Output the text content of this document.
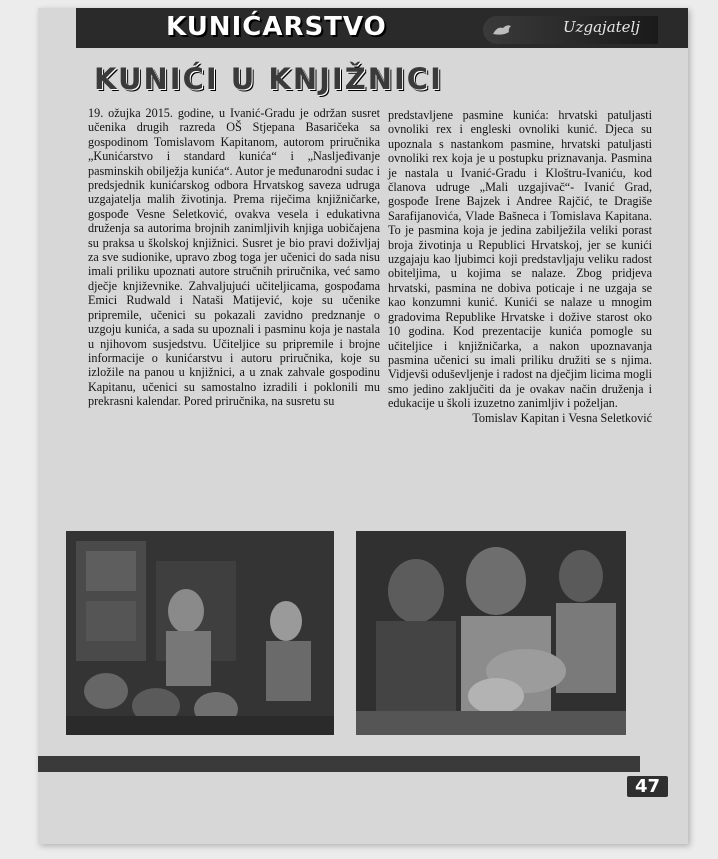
KUNIĆARSTVO	Uzgajatelj
KUNIĆI U KNJIŽNICI

19. ožujka 2015. godine, u Ivanić-Gradu je održan susret učenika drugih razreda OŠ Stjepana Basaričeka sa gospodinom Tomislavom Kapitanom, autorom priručnika „Kunićarstvo i standard kunića“ i „Nasljeđivanje pasminskih obilježja kunića“. Autor je međunarodni sudac i predsjednik kunićarskog odbora Hrvatskog saveza udruga uzgajatelja malih životinja. Prema riječima knjižničarke, gospođe Vesne Seletković, ovakva vesela i edukativna druženja sa autorima brojnih zanimljivih knjiga uobičajena su praksa u školskoj knjižnici. Susret je bio pravi doživljaj za sve sudionike, upravo zbog toga jer učenici do sada nisu imali priliku upoznati autore stručnih priručnika, već samo dječje književnike. Zahvaljujući učiteljicama, gospođama Emici Rudwald i Nataši Matijević, koje su učenike pripremile, učenici su pokazali zavidno predznanje o uzgoju kunića, a sada su upoznali i pasminu koja je nastala u njihovom susjedstvu. Učiteljice su pripremile i brojne informacije o kunićarstvu i autoru priručnika, koje su izložile na panou u knjižnici, a u znak zahvale gospodinu Kapitanu, učenici su samostalno izradili i poklonili mu prekrasni kalendar. Pored priručnika, na susretu su

predstavljene pasmine kunića: hrvatski patuljasti ovnoliki rex i engleski ovnoliki kunić. Djeca su upoznala s nastankom pasmine, hrvatski patuljasti ovnoliki rex koja je u postupku priznavanja. Pasmina je nastala u Ivanić-Gradu i Kloštru-Ivaniću, kod članova udruge „Mali uzgajivač“- Ivanić Grad, gospođe Irene Bajzek i Andree Rajčić, te Dragiše Sarafijanovića, Vlade Bašneca i Tomislava Kapitana. To je pasmina koja je jedina zabilježila veliki porast broja životinja u Republici Hrvatskoj, jer se kunići uzgajaju kao ljubimci koji predstavljaju veliku radost obiteljima, u kojima se nalaze. Zbog pridjeva hrvatski, pasmina ne dobiva poticaje i ne uzgaja se kao konzumni kunić. Kunići se nalaze u mnogim gradovima Republike Hrvatske i dožive starost oko 10 godina. Kod prezentacije kunića pomogle su učiteljice i knjižničarka, a nakon upoznavanja pasmina učenici su imali priliku družiti se s njima. Vidjevši oduševljenje i radost na dječjim licima mogli smo jedino zaključiti da je ovakav način druženja i edukacije u školi izuzetno zanimljiv i poželjan.

Tomislav Kapitan i Vesna Seletković

47
